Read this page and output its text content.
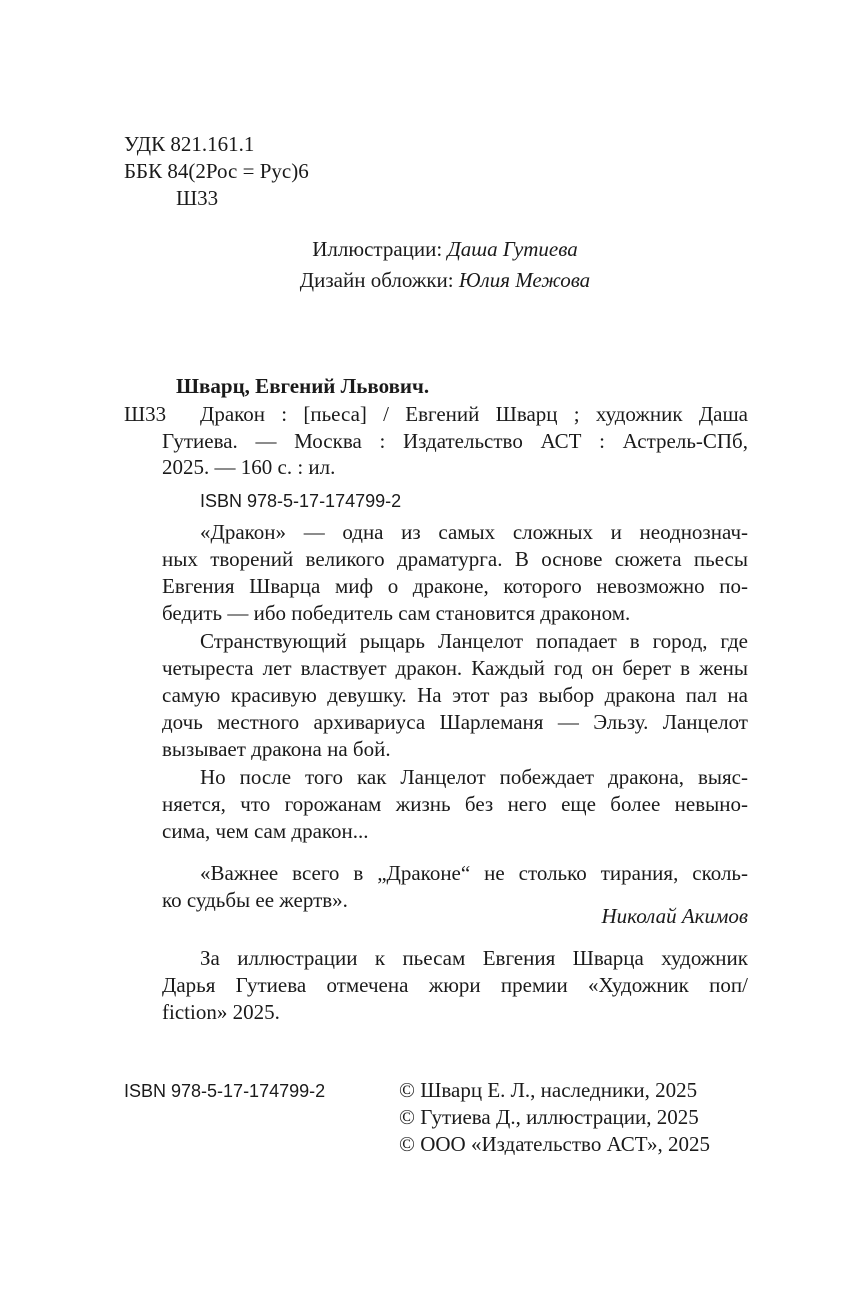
УДК 821.161.1
ББК 84(2Рос = Рус)6
Ш33
Иллюстрации: Даша Гутиева
Дизайн обложки: Юлия Межова
Шварц, Евгений Львович.
Ш33 Дракон : [пьеса] / Евгений Шварц ; художник Даша
Гутиева. — Москва : Издательство АСТ : Астрель-СПб,
2025. — 160 с. : ил.
ISBN 978-5-17-174799-2
«Дракон» — одна из самых сложных и неоднознач-
ных творений великого драматурга. В основе сюжета пьесы
Евгения Шварца миф о драконе, которого невозможно по-
бедить — ибо победитель сам становится драконом.
Странствующий рыцарь Ланцелот попадает в город, где
четыреста лет властвует дракон. Каждый год он берет в жены
самую красивую девушку. На этот раз выбор дракона пал на
дочь местного архивариуса Шарлеманя — Эльзу. Ланцелот
вызывает дракона на бой.
Но после того как Ланцелот побеждает дракона, выяс-
няется, что горожанам жизнь без него еще более невыно-
сима, чем сам дракон...
«Важнее всего в „Драконе“ не столько тирания, сколь-
ко судьбы ее жертв».
Николай Акимов
За иллюстрации к пьесам Евгения Шварца художник
Дарья Гутиева отмечена жюри премии «Художник поп/
fiction» 2025.
ISBN 978-5-17-174799-2	© Шварц Е. Л., наследники, 2025
© Гутиева Д., иллюстрации, 2025
© ООО «Издательство АСТ», 2025
